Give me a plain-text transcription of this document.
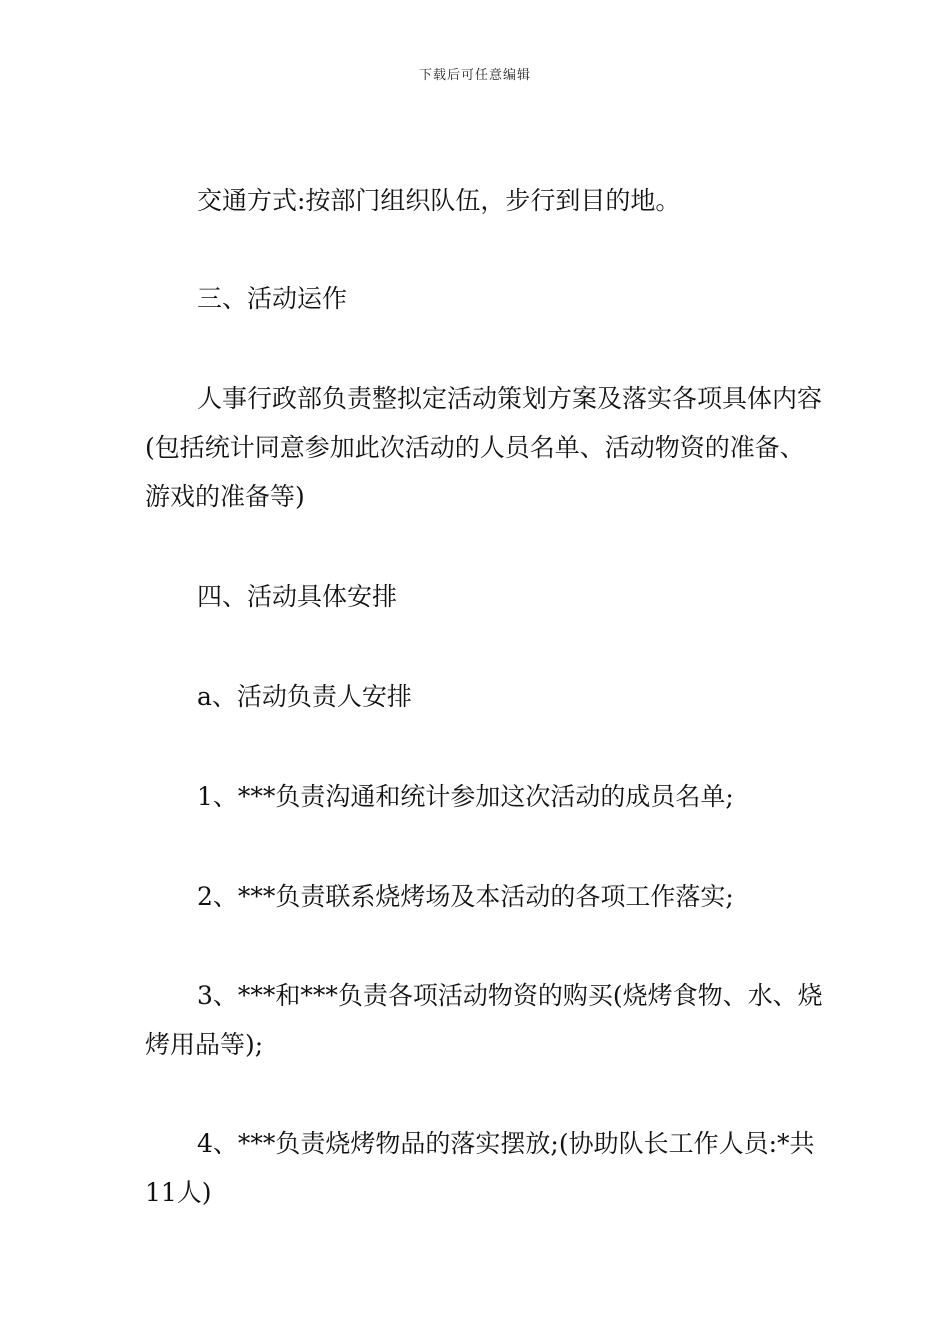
下载后可任意编辑

交通方式:按部门组织队伍，步行到目的地。

三、活动运作

人事行政部负责整拟定活动策划方案及落实各项具体内容(包括统计同意参加此次活动的人员名单、活动物资的准备、游戏的准备等)

四、活动具体安排

a、活动负责人安排

1、***负责沟通和统计参加这次活动的成员名单;

2、***负责联系烧烤场及本活动的各项工作落实;

3、***和***负责各项活动物资的购买(烧烤食物、水、烧烤用品等);

4、***负责烧烤物品的落实摆放;(协助队长工作人员:*共11人)
